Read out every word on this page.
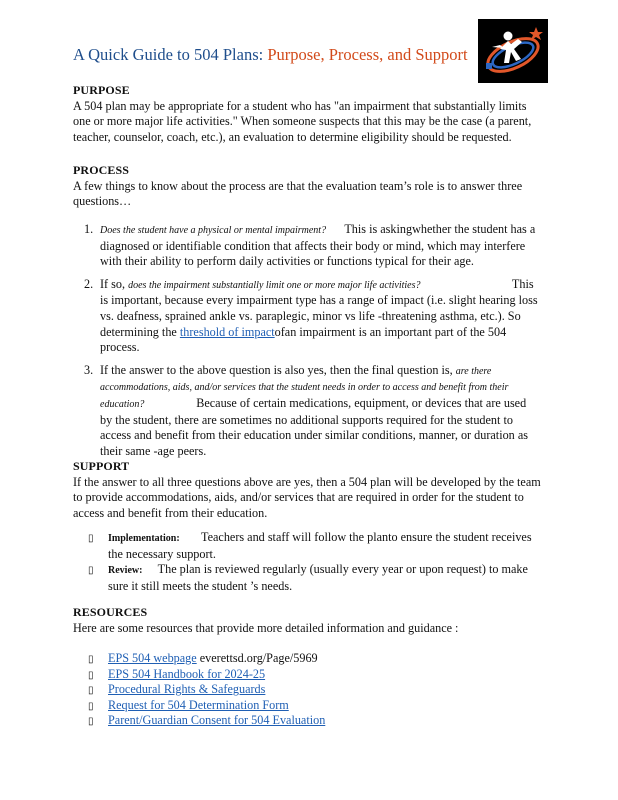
A Quick Guide to 504 Plans: Purpose, Process, and Support
PURPOSE

A 504 plan may be appropriate for a student who has "an impairment that substantially limits one or more major life activities." When someone suspects that this may be the case (a parent, teacher, counselor, coach, etc.), an evaluation to determine eligibility should be requested.

PROCESS

A few things to know about the process are that the evaluation team’s role is to answer three questions…

1. Does the student have a physical or mental impairment? This is askingwhether the student has a diagnosed or identifiable condition that affects their body or mind, which may interfere with their ability to perform daily activities or functions typical for their age.
2. If so, does the impairment substantially limit one or more major life activities?	This is important, because every impairment type has a range of impact (i.e. slight hearing loss vs. deafness, sprained ankle vs. paraplegic, minor vs life -threatening asthma, etc.). So determining the threshold of impactofan impairment is an important part of the 504 process.
3. If the answer to the above question is also yes, then the final question is, are there accommodations, aids, and/or services that the student needs in order to access and benefit from their education?	Because of certain medications, equipment, or devices that are used by the student, there are sometimes no additional supports required for the student to access and benefit from their education under similar conditions, manner, or duration as their same -age peers.
SUPPORT

If the answer to all three questions above are yes, then a 504 plan will be developed by the team to provide accommodations, aids, and/or services that are required in order for the student to access and benefit from their education.

▯ Implementation: Teachers and staff will follow the planto ensure the student receives the necessary support.
▯ Review: The plan is reviewed regularly (usually every year or upon request) to make sure it still meets the student ’s needs.
RESOURCES

Here are some resources that provide more detailed information and guidance :

▯ EPS 504 webpage everettsd.org/Page/5969
▯ EPS 504 Handbook for 2024-25
▯ Procedural Rights & Safeguards
▯ Request for 504 Determination Form
▯ Parent/Guardian Consent for 504 Evaluation
